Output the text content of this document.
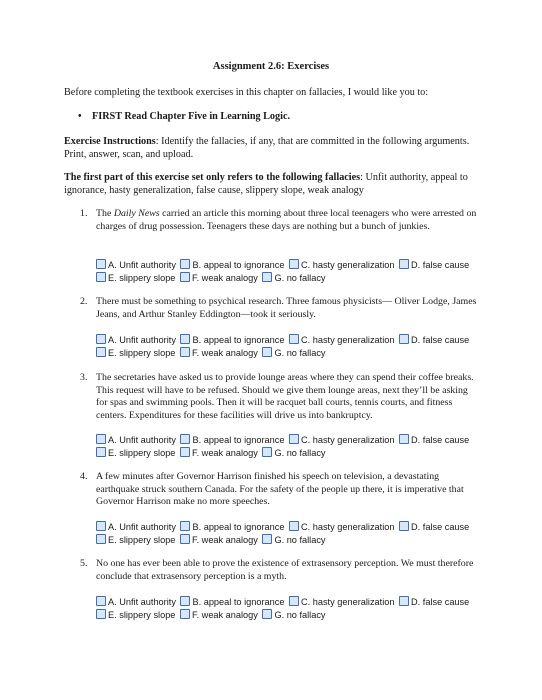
Assignment 2.6: Exercises
Before completing the textbook exercises in this chapter on fallacies, I would like you to:
• FIRST Read Chapter Five in Learning Logic.
Exercise Instructions: Identify the fallacies, if any, that are committed in the following arguments. Print, answer, scan, and upload.
The first part of this exercise set only refers to the following fallacies: Unfit authority, appeal to ignorance, hasty generalization, false cause, slippery slope, weak analogy
1. The Daily News carried an article this morning about three local teenagers who were arrested on charges of drug possession. Teenagers these days are nothing but a bunch of junkies.
A. Unfit authority B. appeal to ignorance C. hasty generalization D. false cause
E. slippery slope F. weak analogy G. no fallacy
2. There must be something to psychical research. Three famous physicists— Oliver Lodge, James Jeans, and Arthur Stanley Eddington—took it seriously.
A. Unfit authority B. appeal to ignorance C. hasty generalization D. false cause
E. slippery slope F. weak analogy G. no fallacy
3. The secretaries have asked us to provide lounge areas where they can spend their coffee breaks. This request will have to be refused. Should we give them lounge areas, next they’ll be asking for spas and swimming pools. Then it will be racquet ball courts, tennis courts, and fitness centers. Expenditures for these facilities will drive us into bankruptcy.
A. Unfit authority B. appeal to ignorance C. hasty generalization D. false cause
E. slippery slope F. weak analogy G. no fallacy
4. A few minutes after Governor Harrison finished his speech on television, a devastating earthquake struck southern Canada. For the safety of the people up there, it is imperative that Governor Harrison make no more speeches.
A. Unfit authority B. appeal to ignorance C. hasty generalization D. false cause
E. slippery slope F. weak analogy G. no fallacy
5. No one has ever been able to prove the existence of extrasensory perception. We must therefore conclude that extrasensory perception is a myth.
A. Unfit authority B. appeal to ignorance C. hasty generalization D. false cause
E. slippery slope F. weak analogy G. no fallacy
